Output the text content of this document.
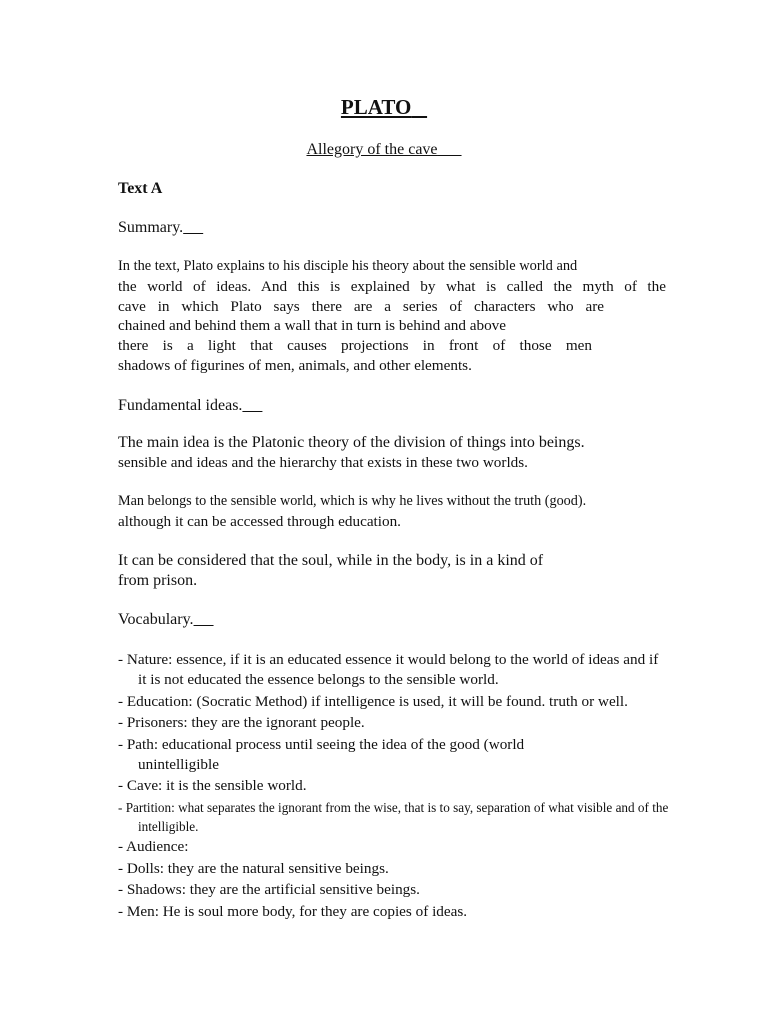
PLATO
Allegory of the cave
Text A
Summary.
In the text, Plato explains to his disciple his theory about the sensible world and
the world of ideas. And this is explained by what is called the myth of the
cave in which Plato says there are a series of characters who are
chained and behind them a wall that in turn is behind and above
there is a light that causes projections in front of those men
shadows of figurines of men, animals, and other elements.
Fundamental ideas.
The main idea is the Platonic theory of the division of things into beings.
sensible and ideas and the hierarchy that exists in these two worlds.
Man belongs to the sensible world, which is why he lives without the truth (good).
although it can be accessed through education.
It can be considered that the soul, while in the body, is in a kind of
from prison.
Vocabulary.
- Nature: essence, if it is an educated essence it would belong to the world of ideas and if it is not educated the essence belongs to the sensible world.
- Education: (Socratic Method) if intelligence is used, it will be found. truth or well.
- Prisoners: they are the ignorant people.
- Path: educational process until seeing the idea of the good (world unintelligible
- Cave: it is the sensible world.
- Partition: what separates the ignorant from the wise, that is to say, separation of what visible and of the intelligible.
- Audience:
- Dolls: they are the natural sensitive beings.
- Shadows: they are the artificial sensitive beings.
- Men: He is soul more body, for they are copies of ideas.
